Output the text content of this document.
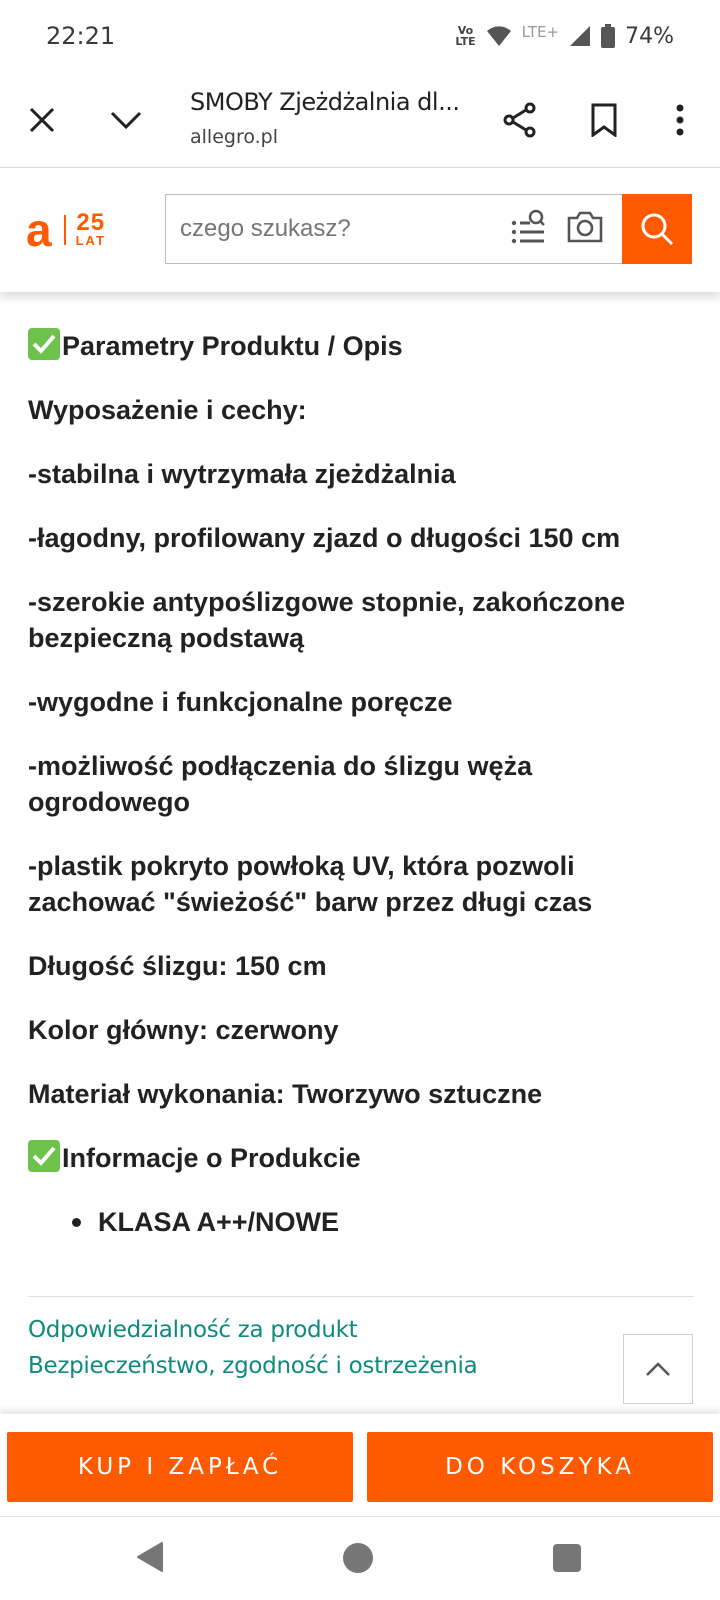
22:21	Vo
LTE
LTE+	74%
SMOBY Zjeżdżalnia dl...
allegro.pl
a 25
LAT
czego szukasz?

Parametry Produktu / Opis

Wyposażenie i cechy:

-stabilna i wytrzymała zjeżdżalnia

-łagodny, profilowany zjazd o długości 150 cm

-szerokie antypoślizgowe stopnie, zakończone bezpieczną podstawą

-wygodne i funkcjonalne poręcze

-możliwość podłączenia do ślizgu węża ogrodowego

-plastik pokryto powłoką UV, która pozwoli zachować "świeżość" barw przez długi czas

Długość ślizgu: 150 cm

Kolor główny: czerwony

Materiał wykonania: Tworzywo sztuczne

Informacje o Produkcie

KLASA A++/NOWE
Odpowiedzialność za produkt
Bezpieczeństwo, zgodność i ostrzeżenia
KUP I ZAPŁAĆ	DO KOSZYKA
